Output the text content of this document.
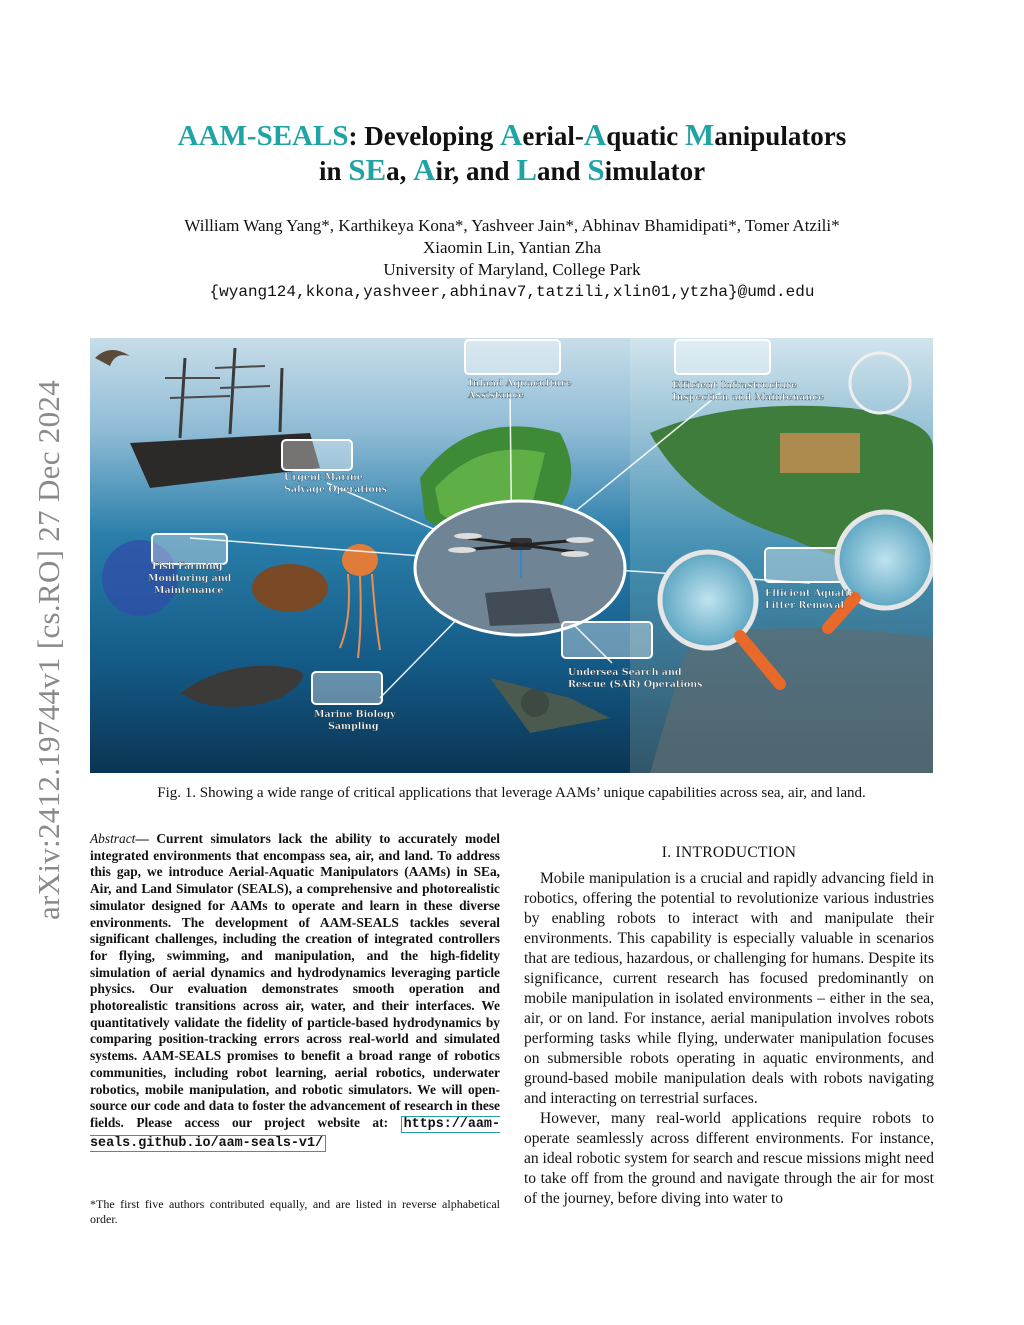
arXiv:2412.19744v1 [cs.RO] 27 Dec 2024
AAM-SEALS: Developing Aerial-Aquatic Manipulators
in SEa, Air, and Land Simulator
William Wang Yang*, Karthikeya Kona*, Yashveer Jain*, Abhinav Bhamidipati*, Tomer Atzili*
Xiaomin Lin, Yantian Zha
University of Maryland, College Park
{wyang124,kkona,yashveer,abhinav7,tatzili,xlin01,ytzha}@umd.edu
Inland Aquaculture
Assistance
Efficient Infrastructure
Inspection and Maintenance
Urgent Marine
Salvage Operations
Fish Farming
Monitoring and
Maintenance	Efficient Aquatic
Litter Removal
Undersea Search and
Rescue (SAR) Operations
Marine Biology
Sampling
Fig. 1. Showing a wide range of critical applications that leverage AAMs’ unique capabilities across sea, air, and land.
Abstract— Current simulators lack the ability to accurately model integrated environments that encompass sea, air, and land. To address this gap, we introduce Aerial-Aquatic Manipulators (AAMs) in SEa, Air, and Land Simulator (SEALS), a comprehensive and photorealistic simulator designed for AAMs to operate and learn in these diverse environments. The development of AAM-SEALS tackles several significant challenges, including the creation of integrated controllers for flying, swimming, and manipulation, and the high-fidelity simulation of aerial dynamics and hydrodynamics leveraging particle physics. Our evaluation demonstrates smooth operation and photorealistic transitions across air, water, and their interfaces. We quantitatively validate the fidelity of particle-based hydrodynamics by comparing position-tracking errors across real-world and simulated systems. AAM-SEALS promises to benefit a broad range of robotics communities, including robot learning, aerial robotics, underwater robotics, mobile manipulation, and robotic simulators. We will open-source our code and data to foster the advancement of research in these fields. Please access our project website at: https://aam-seals.github.io/aam-seals-v1/
*The first five authors contributed equally, and are listed in reverse alphabetical order.
I. INTRODUCTION

Mobile manipulation is a crucial and rapidly advancing field in robotics, offering the potential to revolutionize various industries by enabling robots to interact with and manipulate their environments. This capability is especially valuable in scenarios that are tedious, hazardous, or challenging for humans. Despite its significance, current research has focused predominantly on mobile manipulation in isolated environments – either in the sea, air, or on land. For instance, aerial manipulation involves robots performing tasks while flying, underwater manipulation focuses on submersible robots operating in aquatic environments, and ground-based mobile manipulation deals with robots navigating and interacting on terrestrial surfaces.

However, many real-world applications require robots to operate seamlessly across different environments. For instance, an ideal robotic system for search and rescue missions might need to take off from the ground and navigate through the air for most of the journey, before diving into water to
